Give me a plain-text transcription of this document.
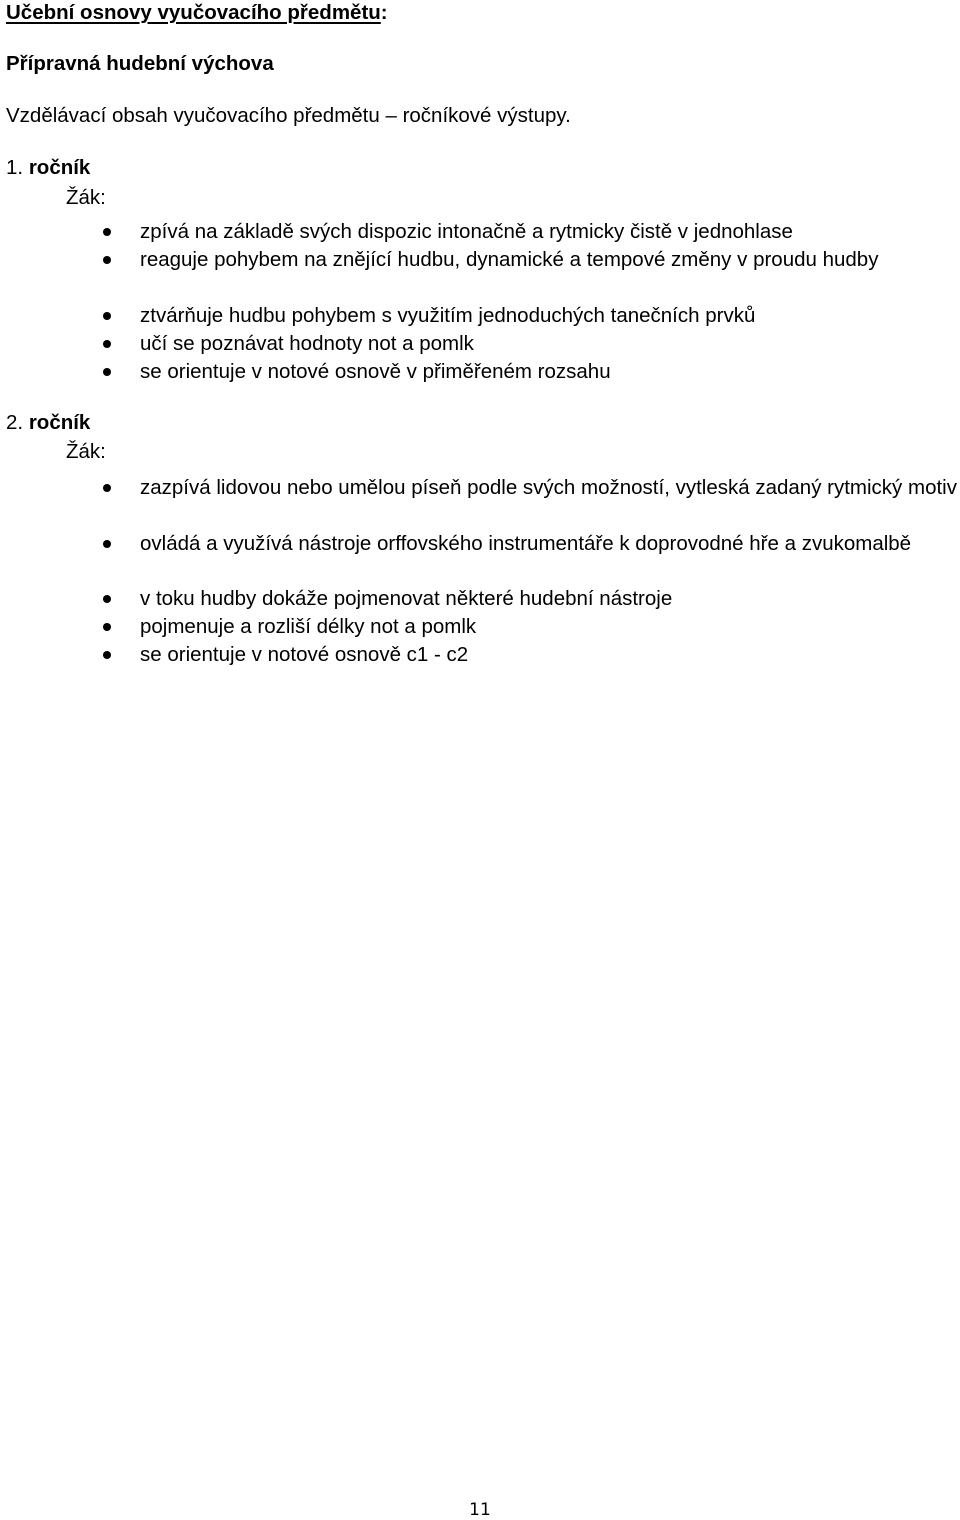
Učební osnovy vyučovacího předmětu:
Přípravná hudební výchova
Vzdělávací obsah vyučovacího předmětu – ročníkové výstupy.
1. ročník
Žák:
zpívá na základě svých dispozic intonačně a rytmicky čistě v jednohlase
reaguje pohybem na znějící hudbu, dynamické a tempové změny v proudu hudby
ztvárňuje hudbu pohybem s využitím jednoduchých tanečních prvků
učí se poznávat hodnoty not a pomlk
se orientuje v notové osnově v přiměřeném rozsahu
2. ročník
Žák:
zazpívá lidovou nebo umělou píseň podle svých možností, vytleská zadaný rytmický motiv
ovládá a využívá nástroje orffovského instrumentáře k doprovodné hře a zvukomalbě
v toku hudby dokáže pojmenovat některé hudební nástroje
pojmenuje a rozliší délky not a pomlk
se orientuje v notové osnově c1 - c2
11
